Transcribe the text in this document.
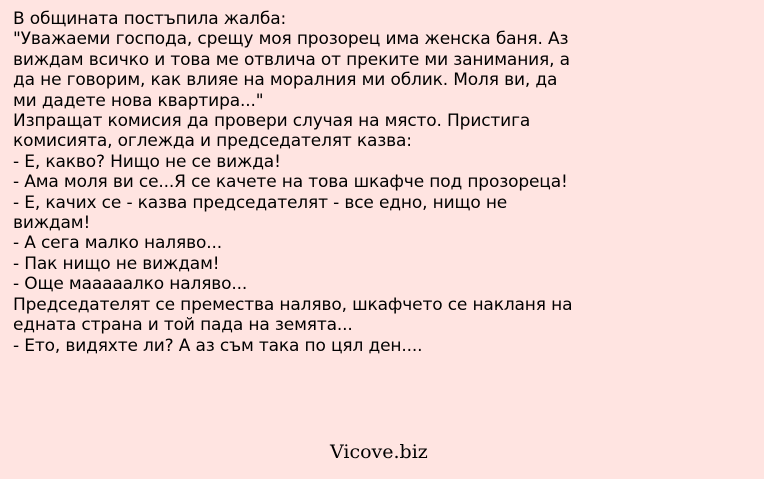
В общината постъпила жалба:
"Уважаеми господа, срещу моя прозорец има женска баня. Аз
виждам всичко и това ме отвлича от преките ми занимания, а
да не говорим, как влияе на моралния ми облик. Моля ви, да
ми дадете нова квартира..."
Изпращат комисия да провери случая на място. Пристига
комисията, оглежда и председателят казва:
- Е, какво? Нищо не се вижда!
- Ама моля ви се...Я се качете на това шкафче под прозореца!
- Е, качих се - казва председателят - все едно, нищо не
виждам!
- А сега малко наляво...
- Пак нищо не виждам!
- Още мааааалко наляво...
Председателят се премества наляво, шкафчето се накланя на
едната страна и той пада на земята...
- Ето, видяхте ли? А аз съм така по цял ден....
Vicove.biz
